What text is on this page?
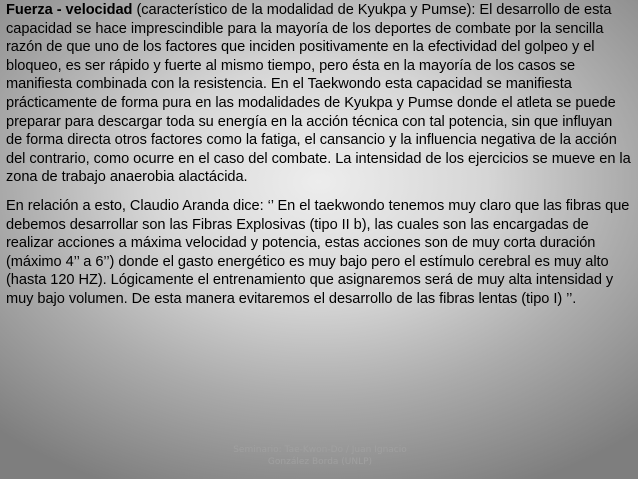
Fuerza - velocidad (característico de la modalidad de Kyukpa y Pumse): El desarrollo de esta capacidad se hace imprescindible para la mayoría de los deportes de combate por la sencilla razón de que uno de los factores que inciden positivamente en la efectividad del golpeo y el bloqueo, es ser rápido y fuerte al mismo tiempo, pero ésta en la mayoría de los casos se manifiesta combinada con la resistencia. En el Taekwondo esta capacidad se manifiesta prácticamente de forma pura en las modalidades de Kyukpa y Pumse donde el atleta se puede preparar para descargar toda su energía en la acción técnica con tal potencia, sin que influyan de forma directa otros factores como la fatiga, el cansancio y la influencia negativa de la acción del contrario, como ocurre en el caso del combate. La intensidad de los ejercicios se mueve en la zona de trabajo anaerobia alactácida.

En relación a esto, Claudio Aranda dice: ‘’ En el taekwondo tenemos muy claro que las fibras que debemos desarrollar son las Fibras Explosivas (tipo II b), las cuales son las encargadas de realizar acciones a máxima velocidad y potencia, estas acciones son de muy corta duración (máximo 4’’ a 6’’) donde el gasto energético es muy bajo pero el estímulo cerebral es muy alto (hasta 120 HZ). Lógicamente el entrenamiento que asignaremos será de muy alta intensidad y muy bajo volumen. De esta manera evitaremos el desarrollo de las fibras lentas (tipo I) ’’.

Seminario: Tae-Kwon-Do / Juan Ignacio González Borda (UNLP)
